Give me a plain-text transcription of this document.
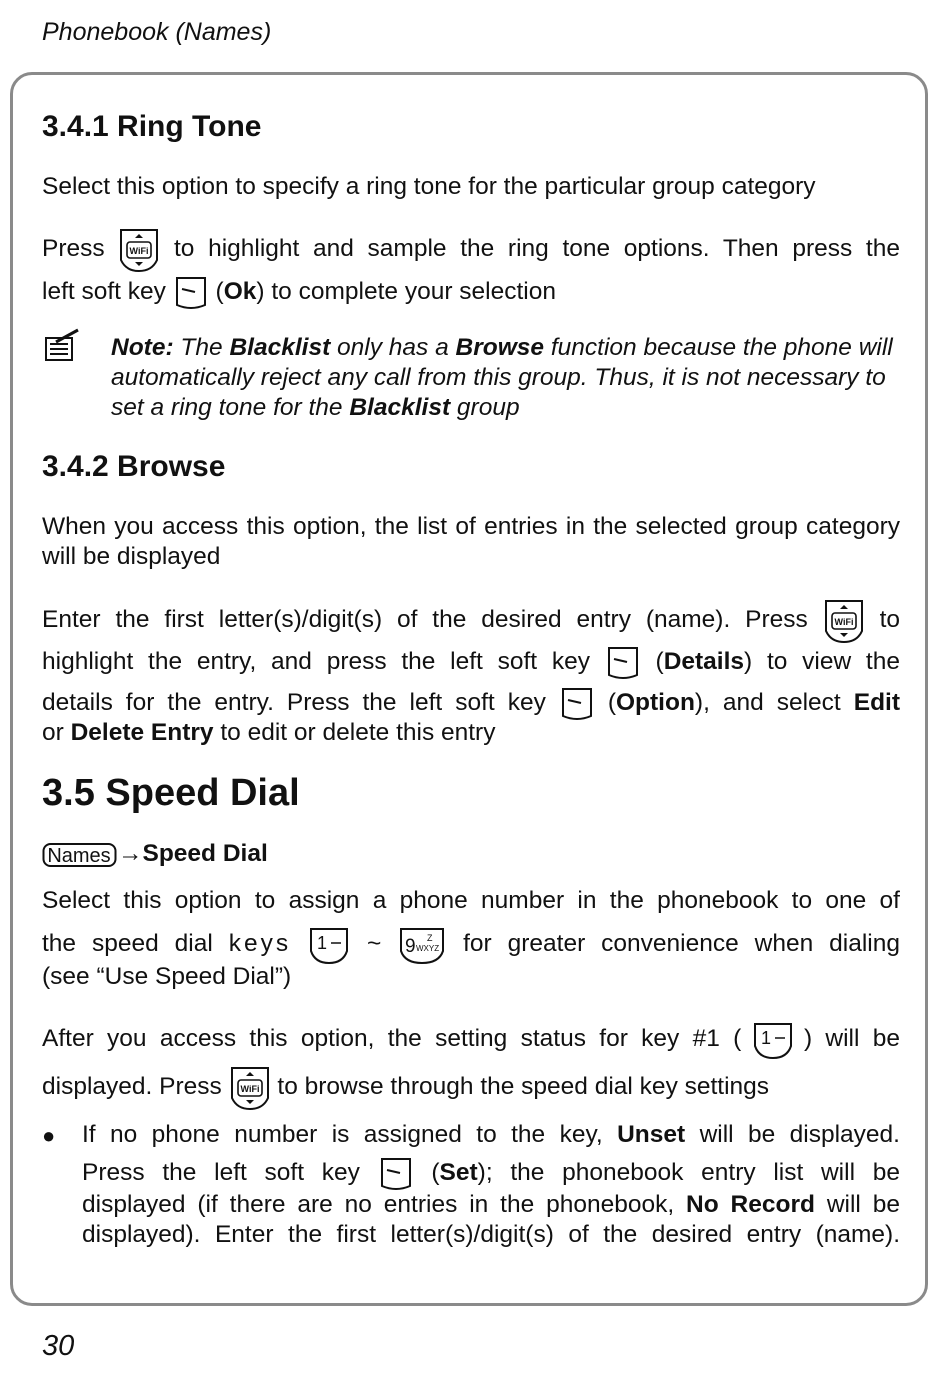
Phonebook (Names)
3.4.1 Ring Tone
Select this option to specify a ring tone for the particular group category
Press	WiFi to highlight and sample the ring tone options. Then press the
left soft key (Ok) to complete your selection
Note: The Blacklist only has a Browse function because the phone will automatically reject any call from this group. Thus, it is not necessary to set a ring tone for the Blacklist group
3.4.2 Browse
When you access this option, the list of entries in the selected group category will be displayed
Enter the first letter(s)/digit(s) of the desired entry (name). Press	WiFi to
highlight the entry, and press the left soft key	(Details) to view the
details for the entry. Press the left soft key	(Option), and select Edit
or Delete Entry to edit or delete this entry
3.5 Speed Dial
Names →Speed Dial
Select this option to assign a phone number in the phonebook to one of
the speed dial keys 1 ~ 9 Z
WXYZ for greater convenience when dialing
(see “Use Speed Dial”)
After you access this option, the setting status for key #1 ( 1 ) will be
displayed. Press WiFi to browse through the speed dial key settings
● If no phone number is assigned to the key, Unset will be displayed.
Press the left soft key	(Set); the phonebook entry list will be
displayed (if there are no entries in the phonebook, No Record will be
displayed). Enter the first letter(s)/digit(s) of the desired entry (name).
30
